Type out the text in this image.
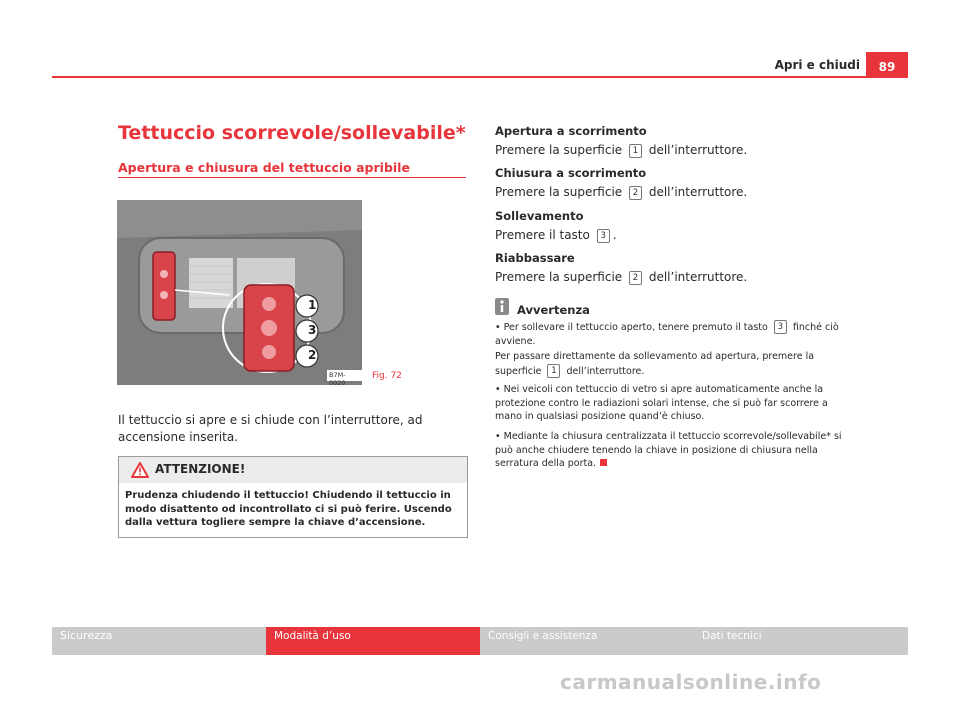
Apri e chiudi	89
Tettuccio scorrevole/sollevabile*
Apertura e chiusura del tettuccio apribile
1
3
2
B7M-0020
Fig. 72
Il tettuccio si apre e si chiude con l’interruttore, ad accensione inserita.
ATTENZIONE!
Prudenza chiudendo il tettuccio! Chiudendo il tettuccio in modo disattento od incontrollato ci si può ferire. Uscendo dalla vettura togliere sempre la chiave d’accensione.
Apertura a scorrimento
Premere la superficie 1 dell’interruttore.
Chiusura a scorrimento
Premere la superficie 2 dell’interruttore.
Sollevamento
Premere il tasto 3 .
Riabbassare
Premere la superficie 2 dell’interruttore.
Avvertenza
• Per sollevare il tettuccio aperto, tenere premuto il tasto 3 finché ciò
avviene.
Per passare direttamente da sollevamento ad apertura, premere la
superficie 1 dell’interruttore.
• Nei veicoli con tettuccio di vetro si apre automaticamente anche la protezione contro le radiazioni solari intense, che si può far scorrere a mano in qualsiasi posizione quand’è chiuso.
• Mediante la chiusura centralizzata il tettuccio scorrevole/sollevabile* si può anche chiudere tenendo la chiave in posizione di chiusura nella serratura della porta.
Sicurezza	Modalità d’uso	Consigli e assistenza	Dati tecnici
carmanualsonline.info
